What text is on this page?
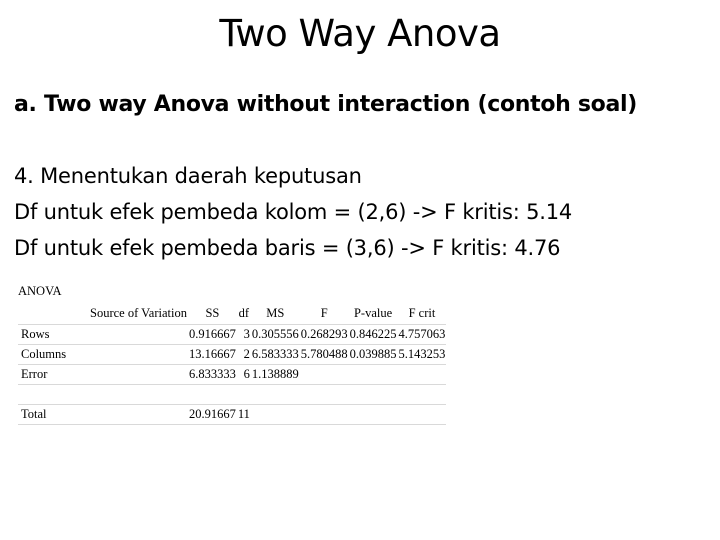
Two Way Anova
a. Two way Anova without interaction (contoh soal)
4. Menentukan daerah keputusan
Df untuk efek pembeda kolom = (2,6) -> F kritis: 5.14
Df untuk efek pembeda baris = (3,6) -> F kritis: 4.76
ANOVA
Source of Variation	SS	df	MS	F	P-value	F crit
Rows	0.916667	3	0.305556	0.268293	0.846225	4.757063
Columns	13.16667	2	6.583333	5.780488	0.039885	5.143253
Error	6.833333	6	1.138889			

Total	20.91667	11				
